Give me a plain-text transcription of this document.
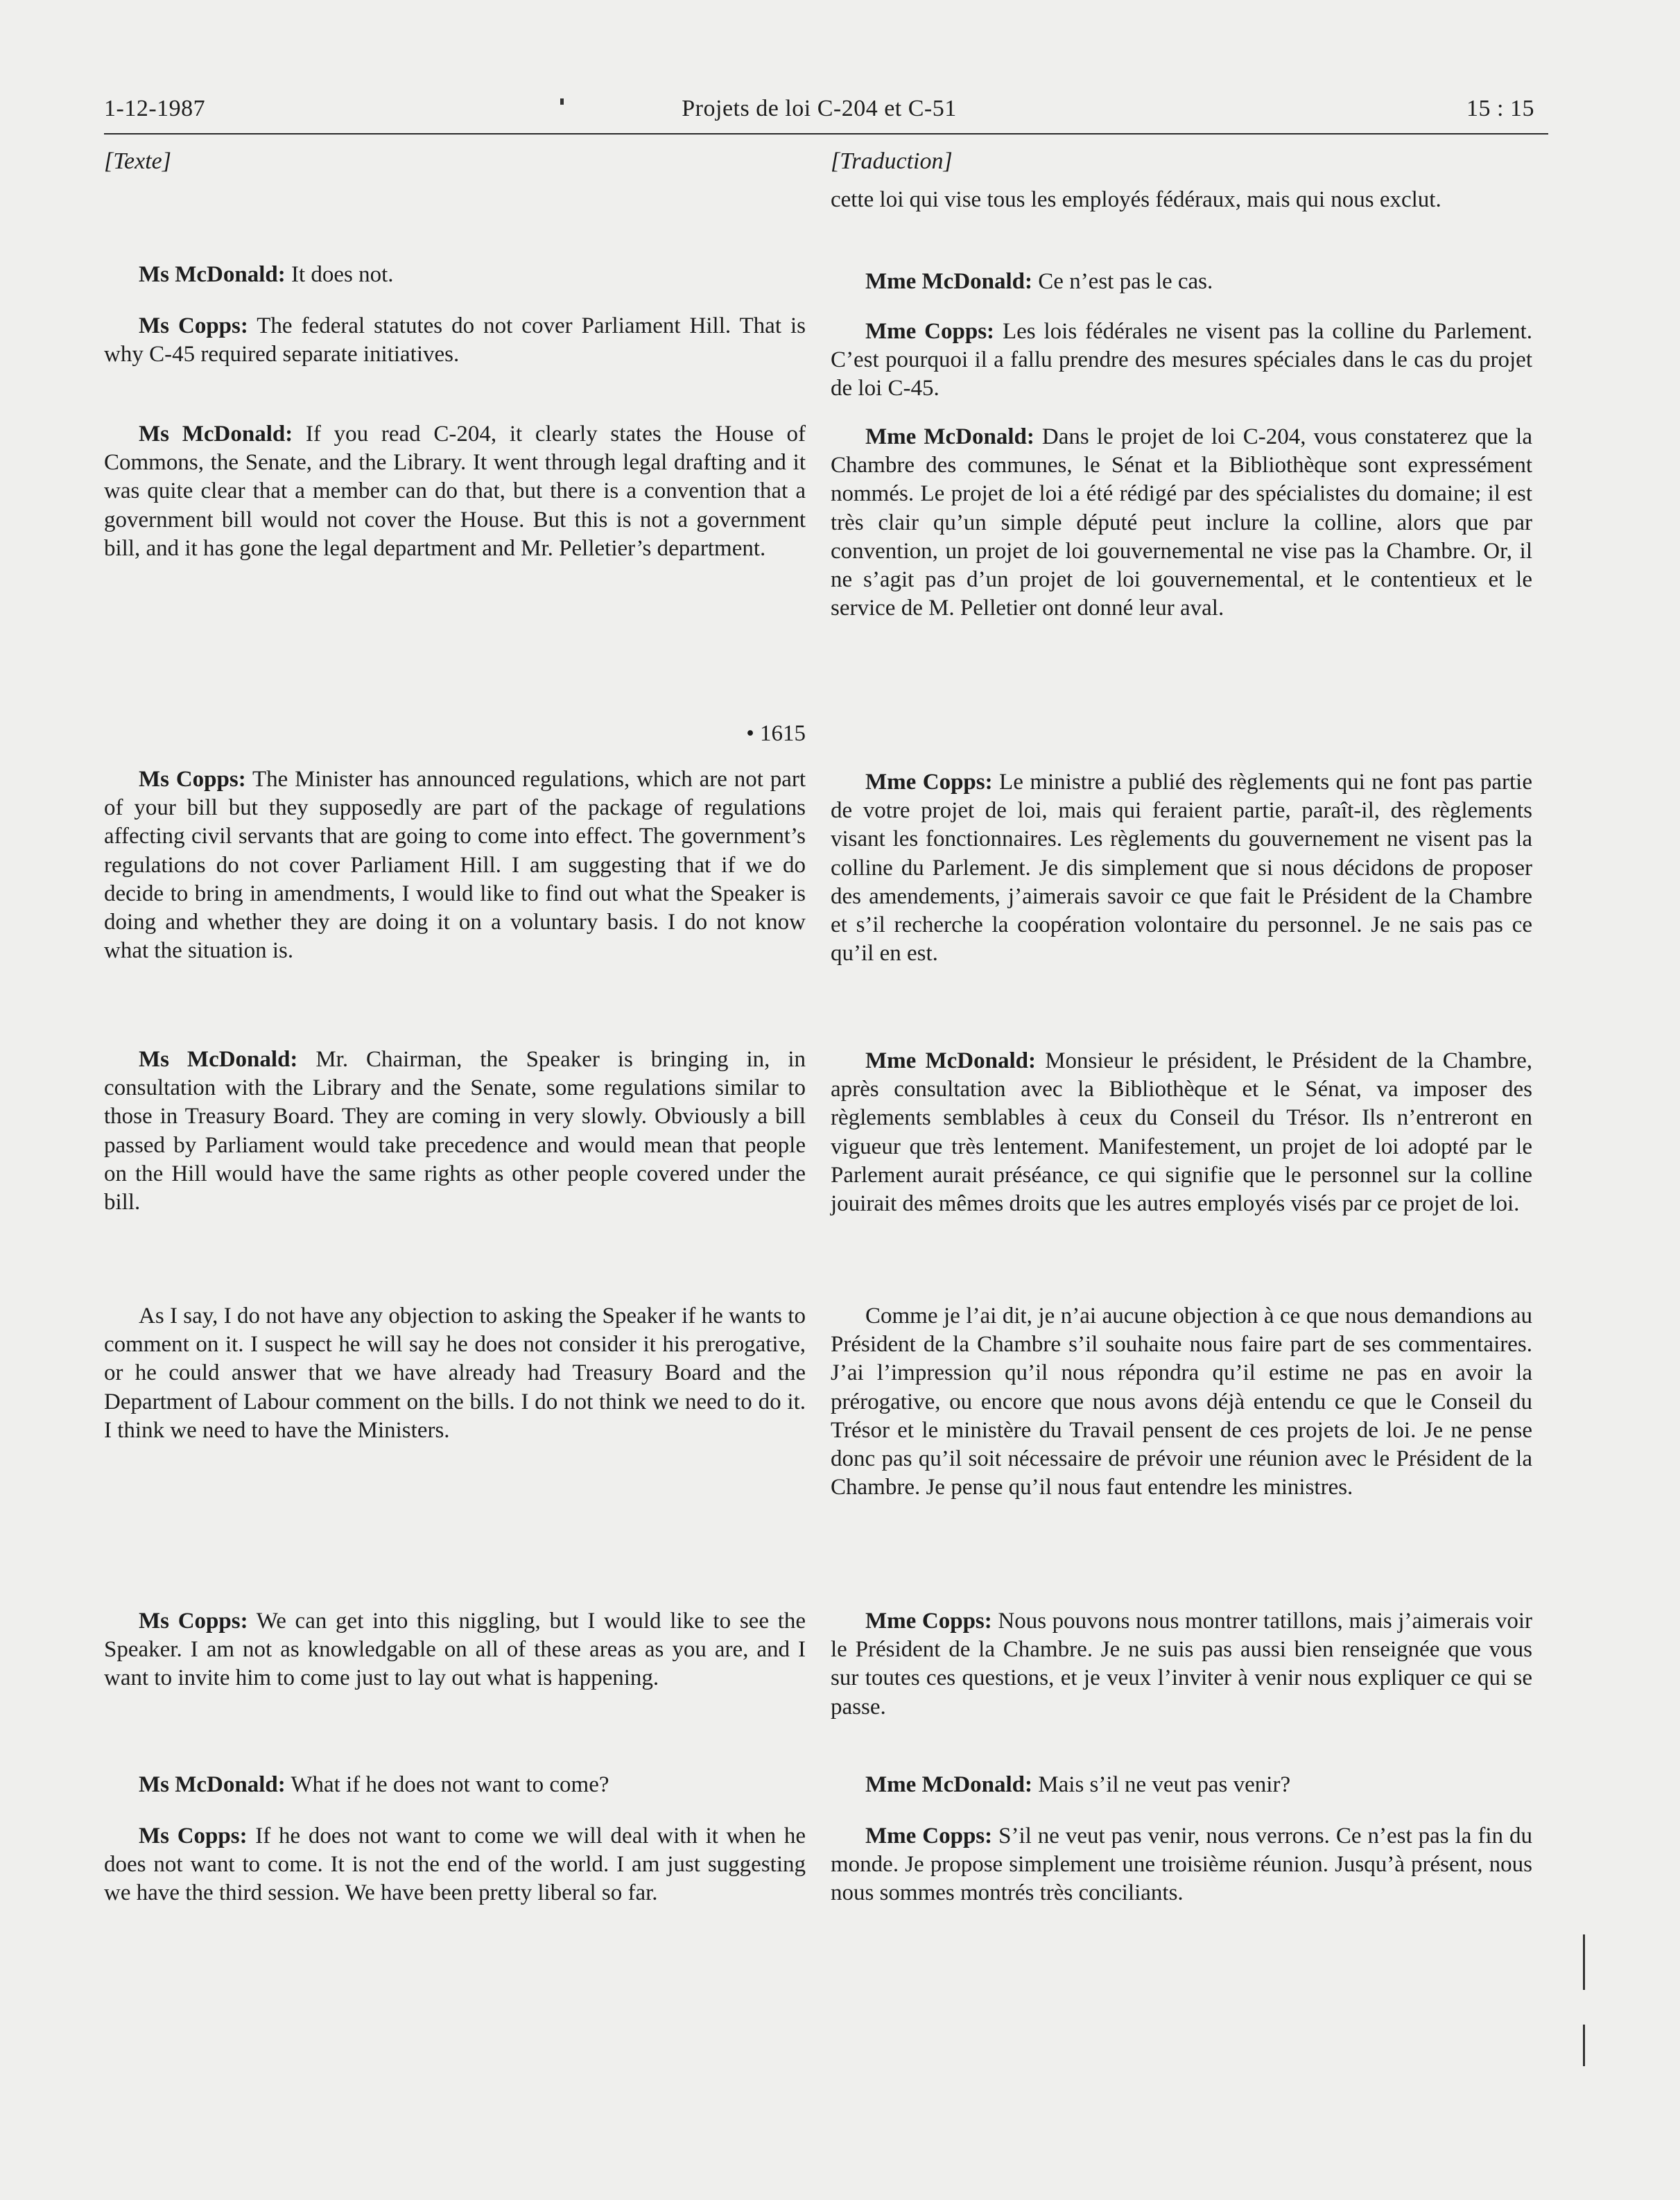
1-12-1987	Projets de loi C-204 et C-51	15 : 15

[Texte]

Ms McDonald: It does not.

Ms Copps: The federal statutes do not cover Parliament Hill. That is why C-45 required separate initiatives.

Ms McDonald: If you read C-204, it clearly states the House of Commons, the Senate, and the Library. It went through legal drafting and it was quite clear that a member can do that, but there is a convention that a government bill would not cover the House. But this is not a government bill, and it has gone the legal department and Mr. Pelletier’s department.

• 1615

Ms Copps: The Minister has announced regulations, which are not part of your bill but they supposedly are part of the package of regulations affecting civil servants that are going to come into effect. The government’s regulations do not cover Parliament Hill. I am suggesting that if we do decide to bring in amendments, I would like to find out what the Speaker is doing and whether they are doing it on a voluntary basis. I do not know what the situation is.

Ms McDonald: Mr. Chairman, the Speaker is bringing in, in consultation with the Library and the Senate, some regulations similar to those in Treasury Board. They are coming in very slowly. Obviously a bill passed by Parliament would take precedence and would mean that people on the Hill would have the same rights as other people covered under the bill.

As I say, I do not have any objection to asking the Speaker if he wants to comment on it. I suspect he will say he does not consider it his prerogative, or he could answer that we have already had Treasury Board and the Department of Labour comment on the bills. I do not think we need to do it. I think we need to have the Ministers.

Ms Copps: We can get into this niggling, but I would like to see the Speaker. I am not as knowledgable on all of these areas as you are, and I want to invite him to come just to lay out what is happening.

Ms McDonald: What if he does not want to come?

Ms Copps: If he does not want to come we will deal with it when he does not want to come. It is not the end of the world. I am just suggesting we have the third session. We have been pretty liberal so far.

[Traduction]

cette loi qui vise tous les employés fédéraux, mais qui nous exclut.

Mme McDonald: Ce n’est pas le cas.

Mme Copps: Les lois fédérales ne visent pas la colline du Parlement. C’est pourquoi il a fallu prendre des mesures spéciales dans le cas du projet de loi C-45.

Mme McDonald: Dans le projet de loi C-204, vous constaterez que la Chambre des communes, le Sénat et la Bibliothèque sont expressément nommés. Le projet de loi a été rédigé par des spécialistes du domaine; il est très clair qu’un simple député peut inclure la colline, alors que par convention, un projet de loi gouvernemental ne vise pas la Chambre. Or, il ne s’agit pas d’un projet de loi gouvernemental, et le contentieux et le service de M. Pelletier ont donné leur aval.

Mme Copps: Le ministre a publié des règlements qui ne font pas partie de votre projet de loi, mais qui feraient partie, paraît-il, des règlements visant les fonctionnaires. Les règlements du gouvernement ne visent pas la colline du Parlement. Je dis simplement que si nous décidons de proposer des amendements, j’aimerais savoir ce que fait le Président de la Chambre et s’il recherche la coopération volontaire du personnel. Je ne sais pas ce qu’il en est.

Mme McDonald: Monsieur le président, le Président de la Chambre, après consultation avec la Bibliothèque et le Sénat, va imposer des règlements semblables à ceux du Conseil du Trésor. Ils n’entreront en vigueur que très lentement. Manifestement, un projet de loi adopté par le Parlement aurait préséance, ce qui signifie que le personnel sur la colline jouirait des mêmes droits que les autres employés visés par ce projet de loi.

Comme je l’ai dit, je n’ai aucune objection à ce que nous demandions au Président de la Chambre s’il souhaite nous faire part de ses commentaires. J’ai l’impression qu’il nous répondra qu’il estime ne pas en avoir la prérogative, ou encore que nous avons déjà entendu ce que le Conseil du Trésor et le ministère du Travail pensent de ces projets de loi. Je ne pense donc pas qu’il soit nécessaire de prévoir une réunion avec le Président de la Chambre. Je pense qu’il nous faut entendre les ministres.

Mme Copps: Nous pouvons nous montrer tatillons, mais j’aimerais voir le Président de la Chambre. Je ne suis pas aussi bien renseignée que vous sur toutes ces questions, et je veux l’inviter à venir nous expliquer ce qui se passe.

Mme McDonald: Mais s’il ne veut pas venir?

Mme Copps: S’il ne veut pas venir, nous verrons. Ce n’est pas la fin du monde. Je propose simplement une troisième réunion. Jusqu’à présent, nous nous sommes montrés très conciliants.
